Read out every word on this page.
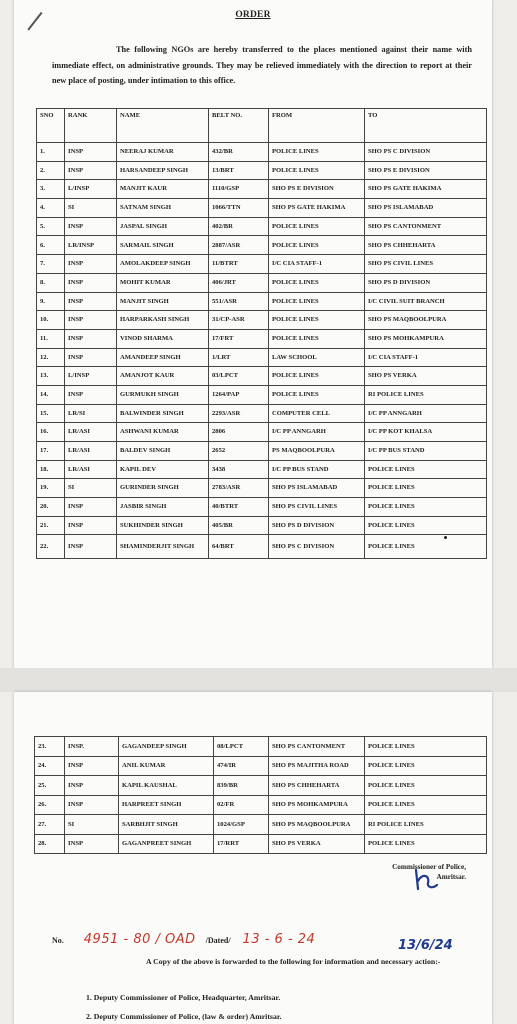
ORDER
The following NGOs are hereby transferred to the places mentioned against their name with immediate effect, on administrative grounds. They may be relieved immediately with the direction to report at their new place of posting, under intimation to this office.
SNO	RANK	NAME	BELT NO.	FROM	TO
1.	INSP	NEERAJ KUMAR	432/BR	POLICE LINES	SHO PS C DIVISION
2.	INSP	HARSANDEEP SINGH	13/BRT	POLICE LINES	SHO PS E DIVISION
3.	L/INSP	MANJIT KAUR	1110/GSP	SHO PS E DIVISION	SHO PS GATE HAKIMA
4.	SI	SATNAM SINGH	1066/TTN	SHO PS GATE HAKIMA	SHO PS ISLAMABAD
5.	INSP	JASPAL SINGH	402/BR	POLICE LINES	SHO PS CANTONMENT
6.	LR/INSP	SARMAIL SINGH	2887/ASR	POLICE LINES	SHO PS CHHEHARTA
7.	INSP	AMOLAKDEEP SINGH	11/BTRT	I/C CIA STAFF-1	SHO PS CIVIL LINES
8.	INSP	MOHIT KUMAR	406/JRT	POLICE LINES	SHO PS D DIVISION
9.	INSP	MANJIT SINGH	551/ASR	POLICE LINES	I/C CIVIL SUIT BRANCH
10.	INSP	HARPARKASH SINGH	31/CP-ASR	POLICE LINES	SHO PS MAQBOOLPURA
11.	INSP	VINOD SHARMA	17/FRT	POLICE LINES	SHO PS MOHKAMPURA
12.	INSP	AMANDEEP SINGH	1/LRT	LAW SCHOOL	I/C CIA STAFF-1
13.	L/INSP	AMANJOT KAUR	03/LPCT	POLICE LINES	SHO PS VERKA
14.	INSP	GURMUKH SINGH	1264/PAP	POLICE LINES	RI POLICE LINES
15.	LR/SI	BALWINDER SINGH	2293/ASR	COMPUTER CELL	I/C PP ANNGARH
16.	LR/ASI	ASHWANI KUMAR	2806	I/C PP ANNGARH	I/C PP KOT KHALSA
17.	LR/ASI	BALDEV SINGH	2652	PS MAQBOOLPURA	I/C PP BUS STAND
18.	LR/ASI	KAPIL DEV	3438	I/C PP BUS STAND	POLICE LINES
19.	SI	GURINDER SINGH	2783/ASR	SHO PS ISLAMABAD	POLICE LINES
20.	INSP	JASBIR SINGH	40/BTRT	SHO PS CIVIL LINES	POLICE LINES
21.	INSP	SUKHINDER SINGH	405/BR	SHO PS D DIVISION	POLICE LINES
22.	INSP	SHAMINDERJIT SINGH	64/BRT	SHO PS C DIVISION	POLICE LINES
23.	INSP.	GAGANDEEP SINGH	08/LPCT	SHO PS CANTONMENT	POLICE LINES
24.	INSP	ANIL KUMAR	474/IR	SHO PS MAJITHA ROAD	POLICE LINES
25.	INSP	KAPIL KAUSHAL	839/BR	SHO PS CHHEHARTA	POLICE LINES
26.	INSP	HARPREET SINGH	02/FR	SHO PS MOHKAMPURA	POLICE LINES
27.	SI	SARBHJIT SINGH	1024/GSP	SHO PS MAQBOOLPURA	RI POLICE LINES
28.	INSP	GAGANPREET SINGH	17/RRT	SHO PS VERKA	POLICE LINES
Commissioner of Police,
Amritsar.
No. 4951 - 80 / OAD /Dated/ 13 - 6 - 24	13/6/24
A Copy of the above is forwarded to the following for information and necessary action:-
1. Deputy Commissioner of Police, Headquarter, Amritsar.
2. Deputy Commissioner of Police, (law & order) Amritsar.
